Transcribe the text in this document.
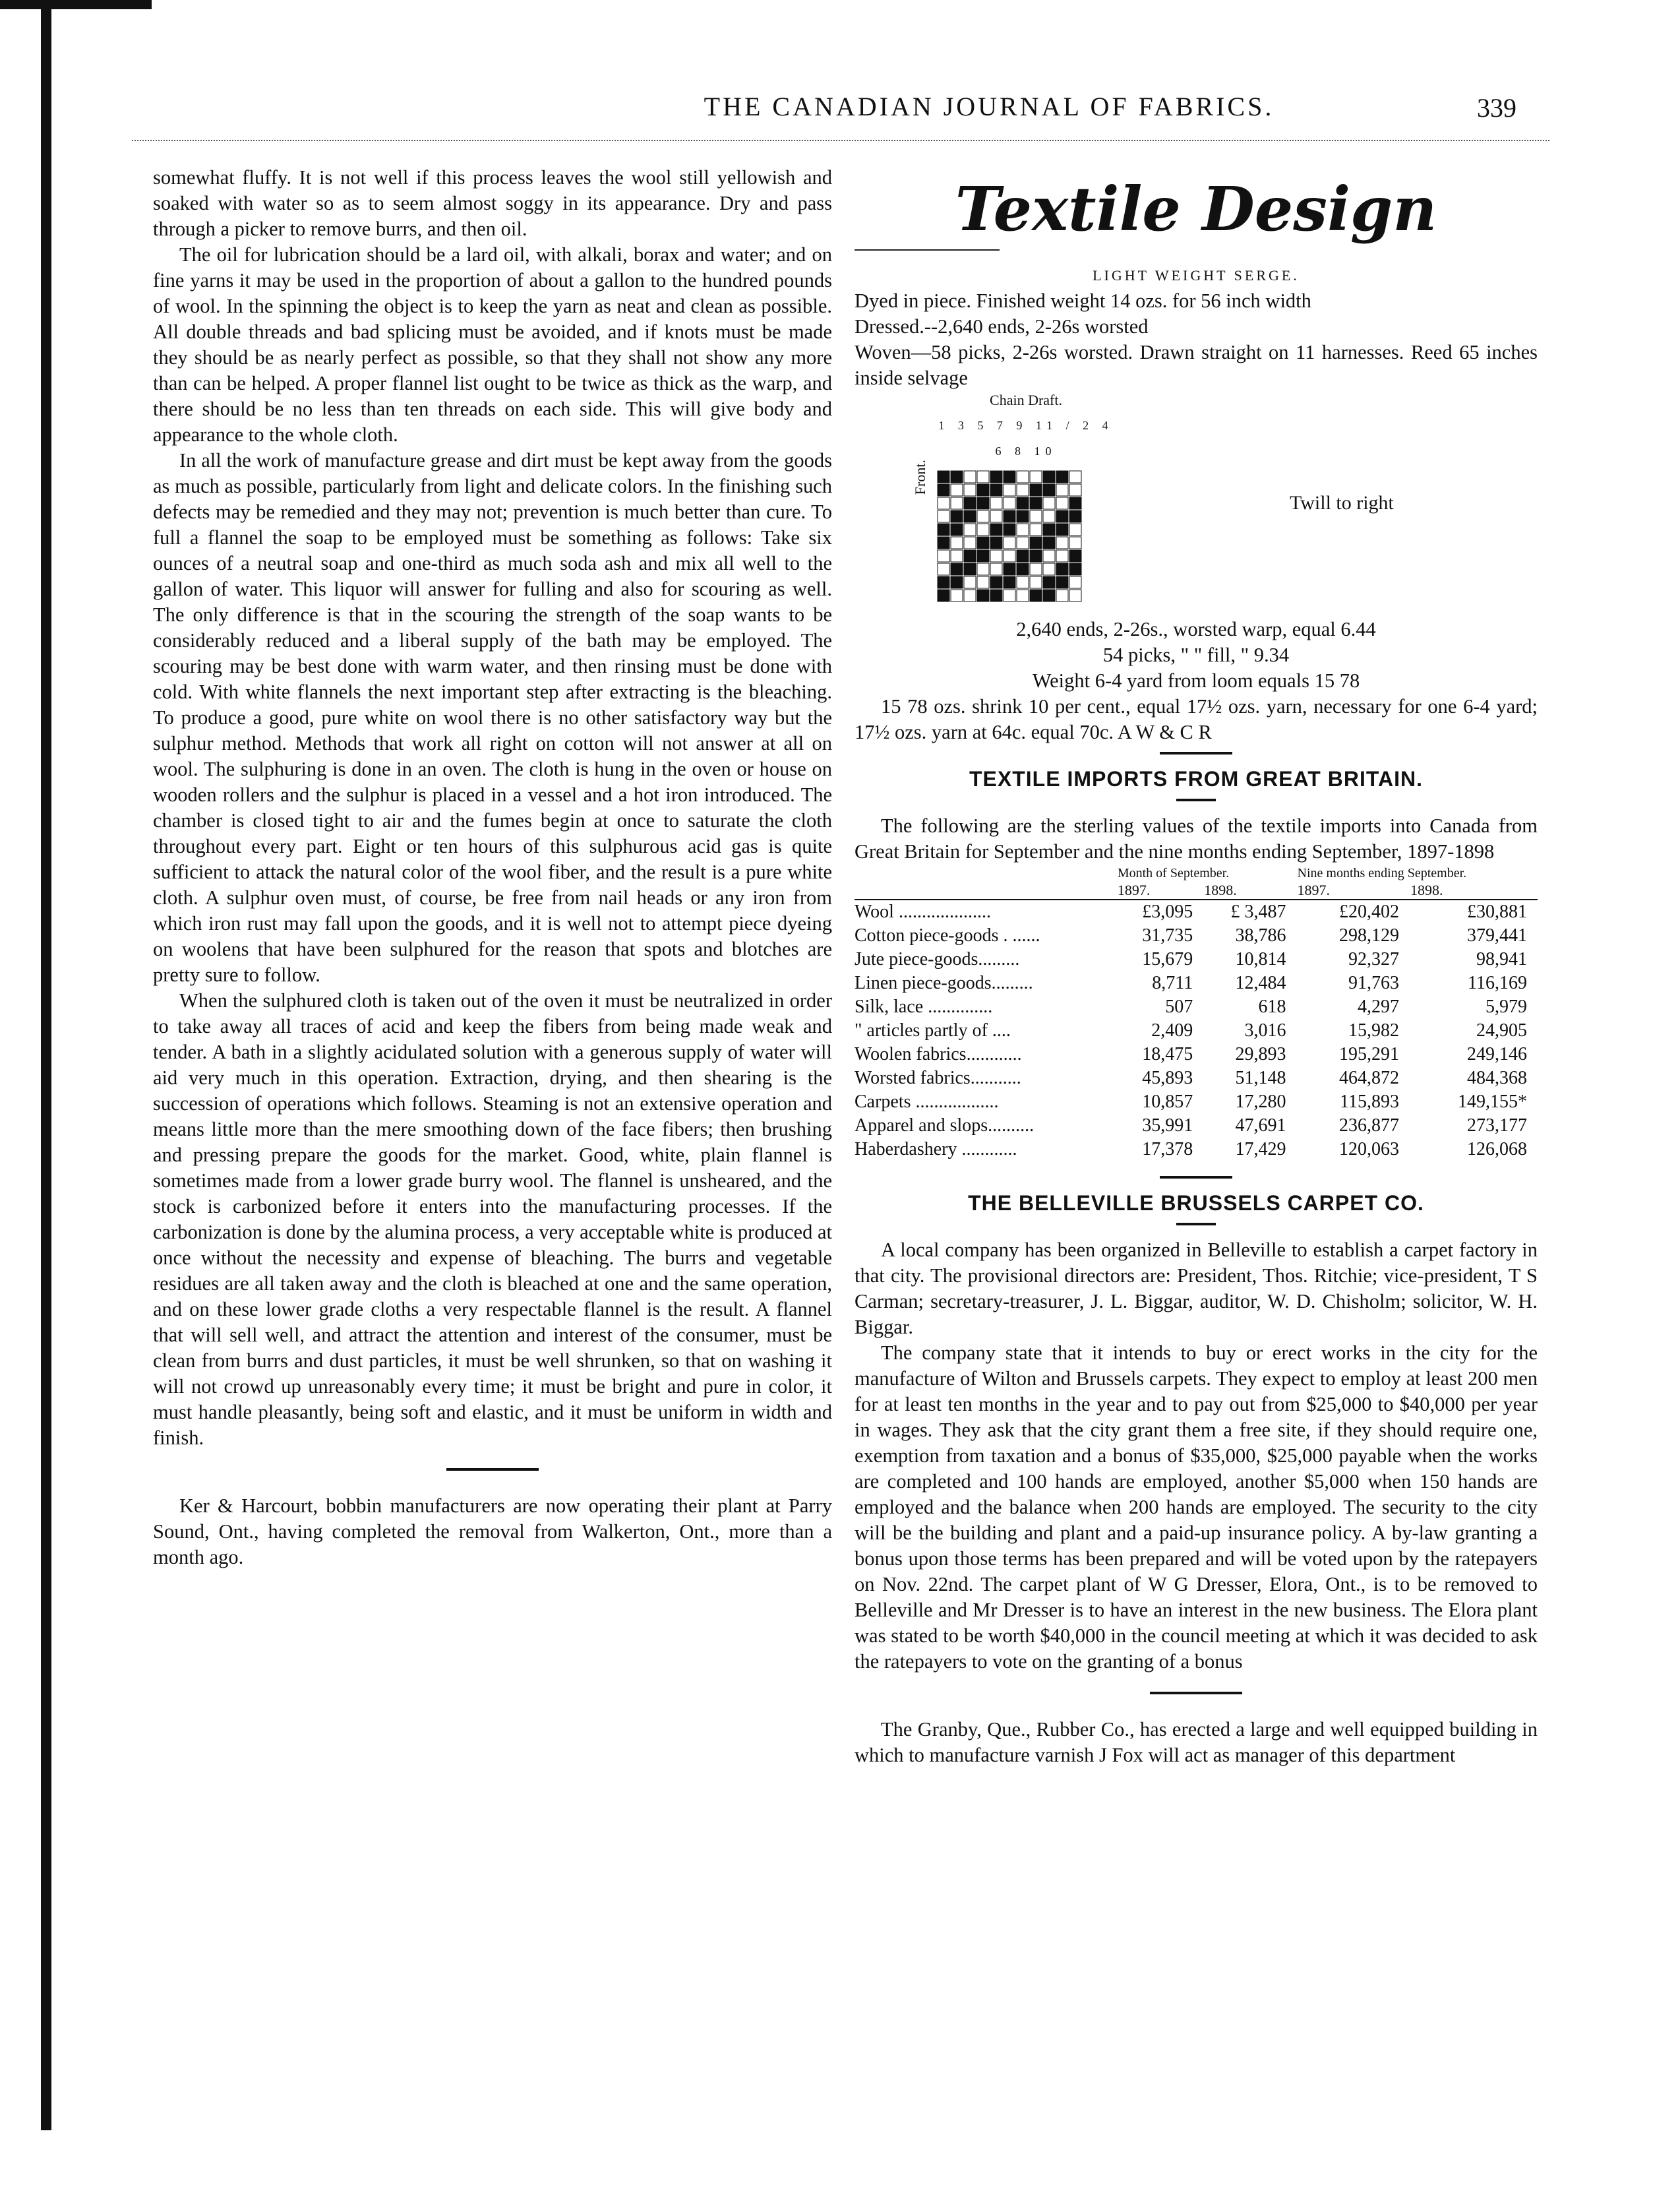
THE CANADIAN JOURNAL OF FABRICS.	339

somewhat fluffy. It is not well if this process leaves the wool still yellowish and soaked with water so as to seem almost soggy in its appearance. Dry and pass through a picker to remove burrs, and then oil.

The oil for lubrication should be a lard oil, with alkali, borax and water; and on fine yarns it may be used in the proportion of about a gallon to the hundred pounds of wool. In the spinning the object is to keep the yarn as neat and clean as possible. All double threads and bad splicing must be avoided, and if knots must be made they should be as nearly perfect as possible, so that they shall not show any more than can be helped. A proper flannel list ought to be twice as thick as the warp, and there should be no less than ten threads on each side. This will give body and appearance to the whole cloth.

In all the work of manufacture grease and dirt must be kept away from the goods as much as possible, particularly from light and delicate colors. In the finishing such defects may be remedied and they may not; prevention is much better than cure. To full a flannel the soap to be employed must be something as follows: Take six ounces of a neutral soap and one-third as much soda ash and mix all well to the gallon of water. This liquor will answer for fulling and also for scouring as well. The only difference is that in the scouring the strength of the soap wants to be considerably reduced and a liberal supply of the bath may be employed. The scouring may be best done with warm water, and then rinsing must be done with cold. With white flannels the next important step after extracting is the bleaching. To produce a good, pure white on wool there is no other satisfactory way but the sulphur method. Methods that work all right on cotton will not answer at all on wool. The sulphuring is done in an oven. The cloth is hung in the oven or house on wooden rollers and the sulphur is placed in a vessel and a hot iron introduced. The chamber is closed tight to air and the fumes begin at once to saturate the cloth throughout every part. Eight or ten hours of this sulphurous acid gas is quite sufficient to attack the natural color of the wool fiber, and the result is a pure white cloth. A sulphur oven must, of course, be free from nail heads or any iron from which iron rust may fall upon the goods, and it is well not to attempt piece dyeing on woolens that have been sulphured for the reason that spots and blotches are pretty sure to follow.

When the sulphured cloth is taken out of the oven it must be neutralized in order to take away all traces of acid and keep the fibers from being made weak and tender. A bath in a slightly acidulated solution with a generous supply of water will aid very much in this operation. Extraction, drying, and then shearing is the succession of operations which follows. Steaming is not an extensive operation and means little more than the mere smoothing down of the face fibers; then brushing and pressing prepare the goods for the market. Good, white, plain flannel is sometimes made from a lower grade burry wool. The flannel is unsheared, and the stock is carbonized before it enters into the manufacturing processes. If the carbonization is done by the alumina process, a very acceptable white is produced at once without the necessity and expense of bleaching. The burrs and vegetable residues are all taken away and the cloth is bleached at one and the same operation, and on these lower grade cloths a very respectable flannel is the result. A flannel that will sell well, and attract the attention and interest of the consumer, must be clean from burrs and dust particles, it must be well shrunken, so that on washing it will not crowd up unreasonably every time; it must be bright and pure in color, it must handle pleasantly, being soft and elastic, and it must be uniform in width and finish.

Ker & Harcourt, bobbin manufacturers are now operating their plant at Parry Sound, Ont., having completed the removal from Walkerton, Ont., more than a month ago.

Textile Design
LIGHT WEIGHT SERGE.

Dyed in piece. Finished weight 14 ozs. for 56 inch width

Dressed.--2,640 ends, 2-26s worsted

Woven—58 picks, 2-26s worsted. Drawn straight on 11 harnesses. Reed 65 inches inside selvage

Chain Draft.
1 3 5 7 9 11 / 2 4 6 8 10
Front.
Twill to right

2,640 ends, 2-26s., worsted warp, equal 6.44

54 picks, " " fill, " 9.34

Weight 6-4 yard from loom equals 15 78

15 78 ozs. shrink 10 per cent., equal 17½ ozs. yarn, necessary for one 6-4 yard; 17½ ozs. yarn at 64c. equal 70c. A W & C R

TEXTILE IMPORTS FROM GREAT BRITAIN.

The following are the sterling values of the textile imports into Canada from Great Britain for September and the nine months ending September, 1897-1898

	Month of September.		Nine months ending September.	
	1897.	1898.	1897.	1898.
Wool ....................	£3,095	£ 3,487	£20,402	£30,881
Cotton piece-goods . ......	31,735	38,786	298,129	379,441
Jute piece-goods.........	15,679	10,814	92,327	98,941
Linen piece-goods.........	8,711	12,484	91,763	116,169
Silk, lace ..............	507	618	4,297	5,979
" articles partly of ....	2,409	3,016	15,982	24,905
Woolen fabrics............	18,475	29,893	195,291	249,146
Worsted fabrics...........	45,893	51,148	464,872	484,368
Carpets ..................	10,857	17,280	115,893	149,155*
Apparel and slops..........	35,991	47,691	236,877	273,177
Haberdashery ............	17,378	17,429	120,063	126,068
THE BELLEVILLE BRUSSELS CARPET CO.

A local company has been organized in Belleville to establish a carpet factory in that city. The provisional directors are: President, Thos. Ritchie; vice-president, T S Carman; secretary-treasurer, J. L. Biggar, auditor, W. D. Chisholm; solicitor, W. H. Biggar.

The company state that it intends to buy or erect works in the city for the manufacture of Wilton and Brussels carpets. They expect to employ at least 200 men for at least ten months in the year and to pay out from $25,000 to $40,000 per year in wages. They ask that the city grant them a free site, if they should require one, exemption from taxation and a bonus of $35,000, $25,000 payable when the works are completed and 100 hands are employed, another $5,000 when 150 hands are employed and the balance when 200 hands are employed. The security to the city will be the building and plant and a paid-up insurance policy. A by-law granting a bonus upon those terms has been prepared and will be voted upon by the ratepayers on Nov. 22nd. The carpet plant of W G Dresser, Elora, Ont., is to be removed to Belleville and Mr Dresser is to have an interest in the new business. The Elora plant was stated to be worth $40,000 in the council meeting at which it was decided to ask the ratepayers to vote on the granting of a bonus

The Granby, Que., Rubber Co., has erected a large and well equipped building in which to manufacture varnish J Fox will act as manager of this department
